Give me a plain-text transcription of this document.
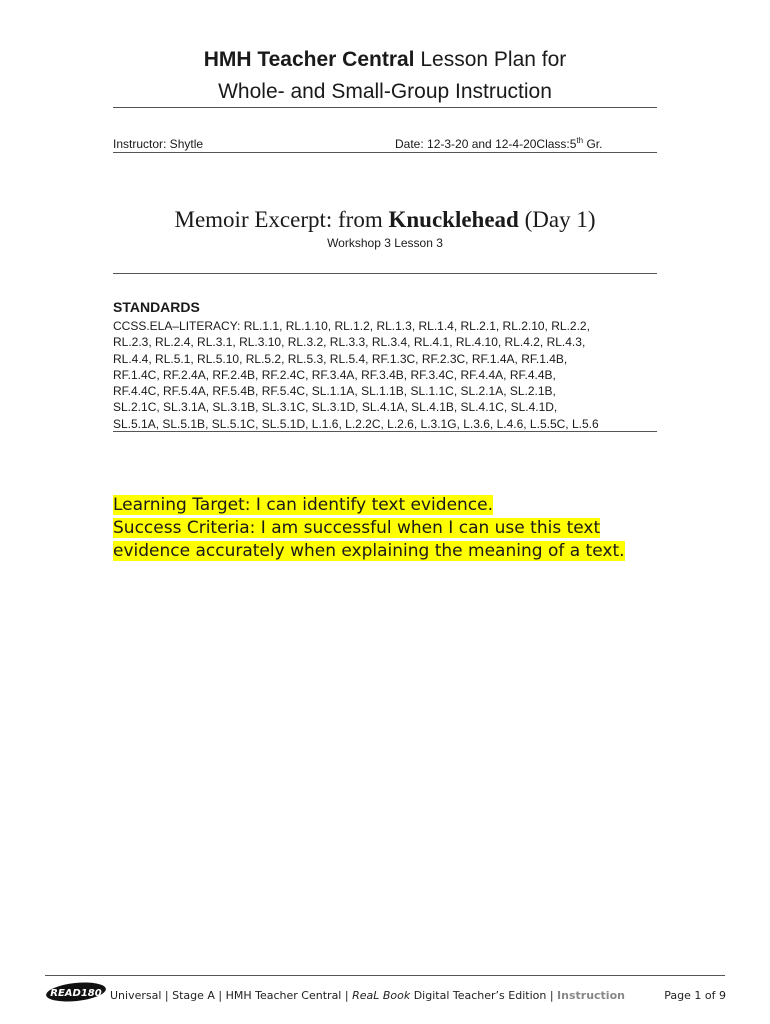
HMH Teacher Central Lesson Plan for
Whole- and Small-Group Instruction
Instructor: Shytle	Date: 12-3-20 and 12-4-20Class:5th Gr.
Memoir Excerpt: from Knucklehead (Day 1)
Workshop 3 Lesson 3
STANDARDS
CCSS.ELA–LITERACY: RL.1.1, RL.1.10, RL.1.2, RL.1.3, RL.1.4, RL.2.1, RL.2.10, RL.2.2,
RL.2.3, RL.2.4, RL.3.1, RL.3.10, RL.3.2, RL.3.3, RL.3.4, RL.4.1, RL.4.10, RL.4.2, RL.4.3,
RL.4.4, RL.5.1, RL.5.10, RL.5.2, RL.5.3, RL.5.4, RF.1.3C, RF.2.3C, RF.1.4A, RF.1.4B,
RF.1.4C, RF.2.4A, RF.2.4B, RF.2.4C, RF.3.4A, RF.3.4B, RF.3.4C, RF.4.4A, RF.4.4B,
RF.4.4C, RF.5.4A, RF.5.4B, RF.5.4C, SL.1.1A, SL.1.1B, SL.1.1C, SL.2.1A, SL.2.1B,
SL.2.1C, SL.3.1A, SL.3.1B, SL.3.1C, SL.3.1D, SL.4.1A, SL.4.1B, SL.4.1C, SL.4.1D,
SL.5.1A, SL.5.1B, SL.5.1C, SL.5.1D, L.1.6, L.2.2C, L.2.6, L.3.1G, L.3.6, L.4.6, L.5.5C, L.5.6
Learning Target: I can identify text evidence.
Success Criteria: I am successful when I can use this text
evidence accurately when explaining the meaning of a text.
READ180 Universal | Stage A | HMH Teacher Central | ReaL Book Digital Teacher’s Edition | Instruction	Page 1 of 9
